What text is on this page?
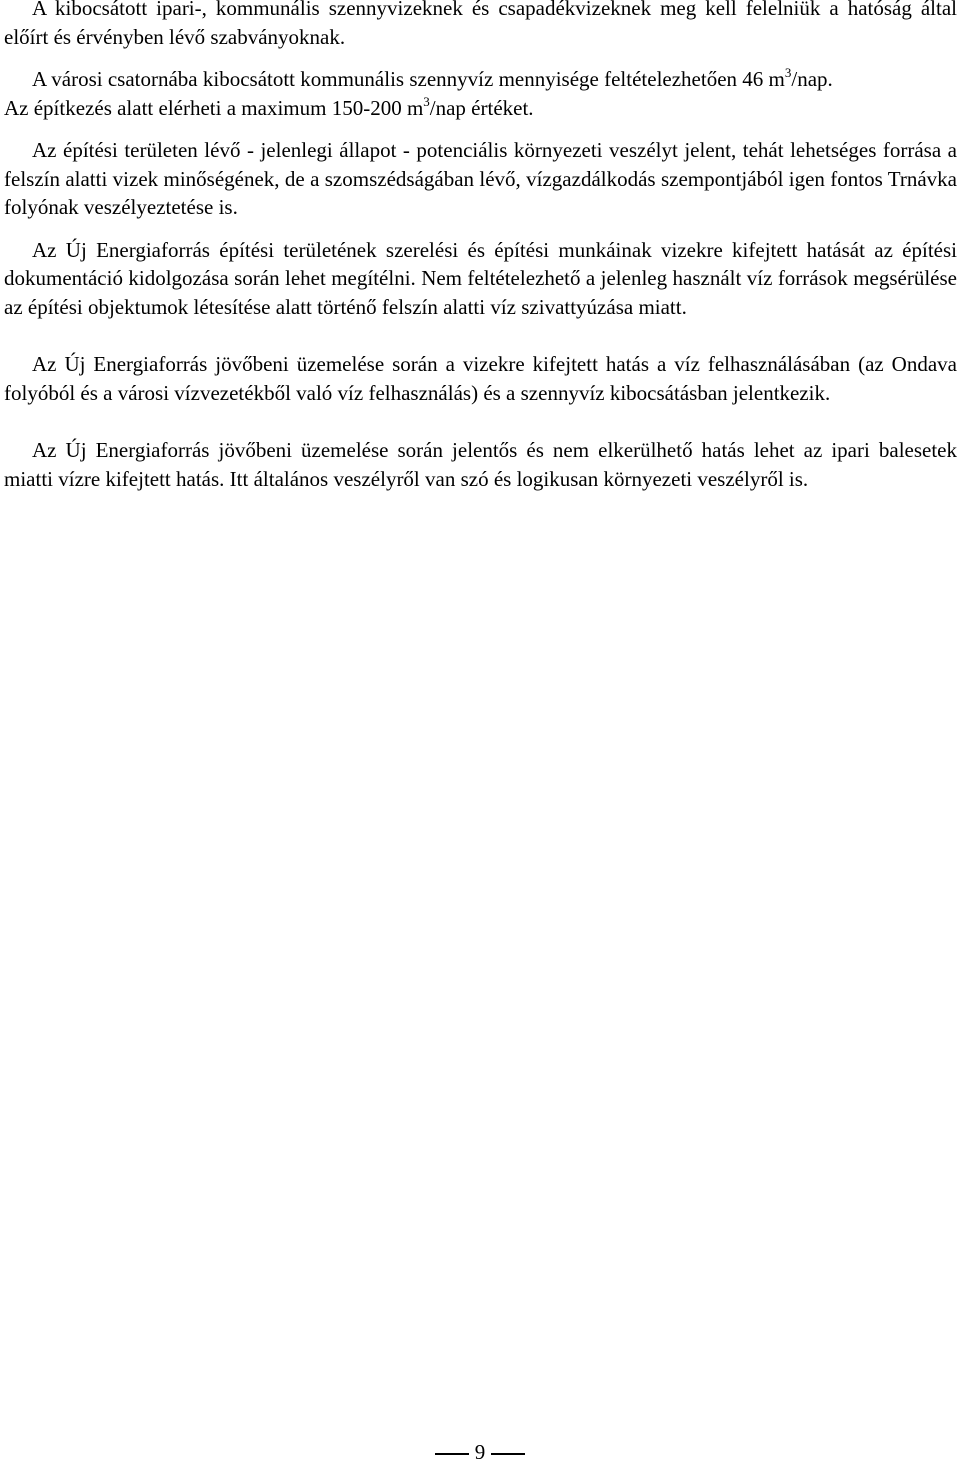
A kibocsátott ipari-, kommunális szennyvizeknek és csapadékvizeknek meg kell felelniük a hatóság által előírt és érvényben lévő szabványoknak.

A városi csatornába kibocsátott kommunális szennyvíz mennyisége feltételezhetően 46 $m^3$/nap.
Az építkezés alatt elérheti a maximum 150-200 $m^3$/nap értéket.

Az építési területen lévő - jelenlegi állapot - potenciális környezeti veszélyt jelent, tehát lehetséges forrása a felszín alatti vizek minőségének, de a szomszédságában lévő, vízgazdálkodás szempontjából igen fontos Trnávka folyónak veszélyeztetése is.

Az Új Energiaforrás építési területének szerelési és építési munkáinak vizekre kifejtett hatását az építési dokumentáció kidolgozása során lehet megítélni. Nem feltételezhető a jelenleg használt víz források megsérülése az építési objektumok létesítése alatt történő felszín alatti víz szivattyúzása miatt.

Az Új Energiaforrás jövőbeni üzemelése során a vizekre kifejtett hatás a víz felhasználásában (az Ondava folyóból és a városi vízvezetékből való víz felhasználás) és a szennyvíz kibocsátásban jelentkezik.

Az Új Energiaforrás jövőbeni üzemelése során jelentős és nem elkerülhető hatás lehet az ipari balesetek miatti vízre kifejtett hatás. Itt általános veszélyről van szó és logikusan környezeti veszélyről is.

9
